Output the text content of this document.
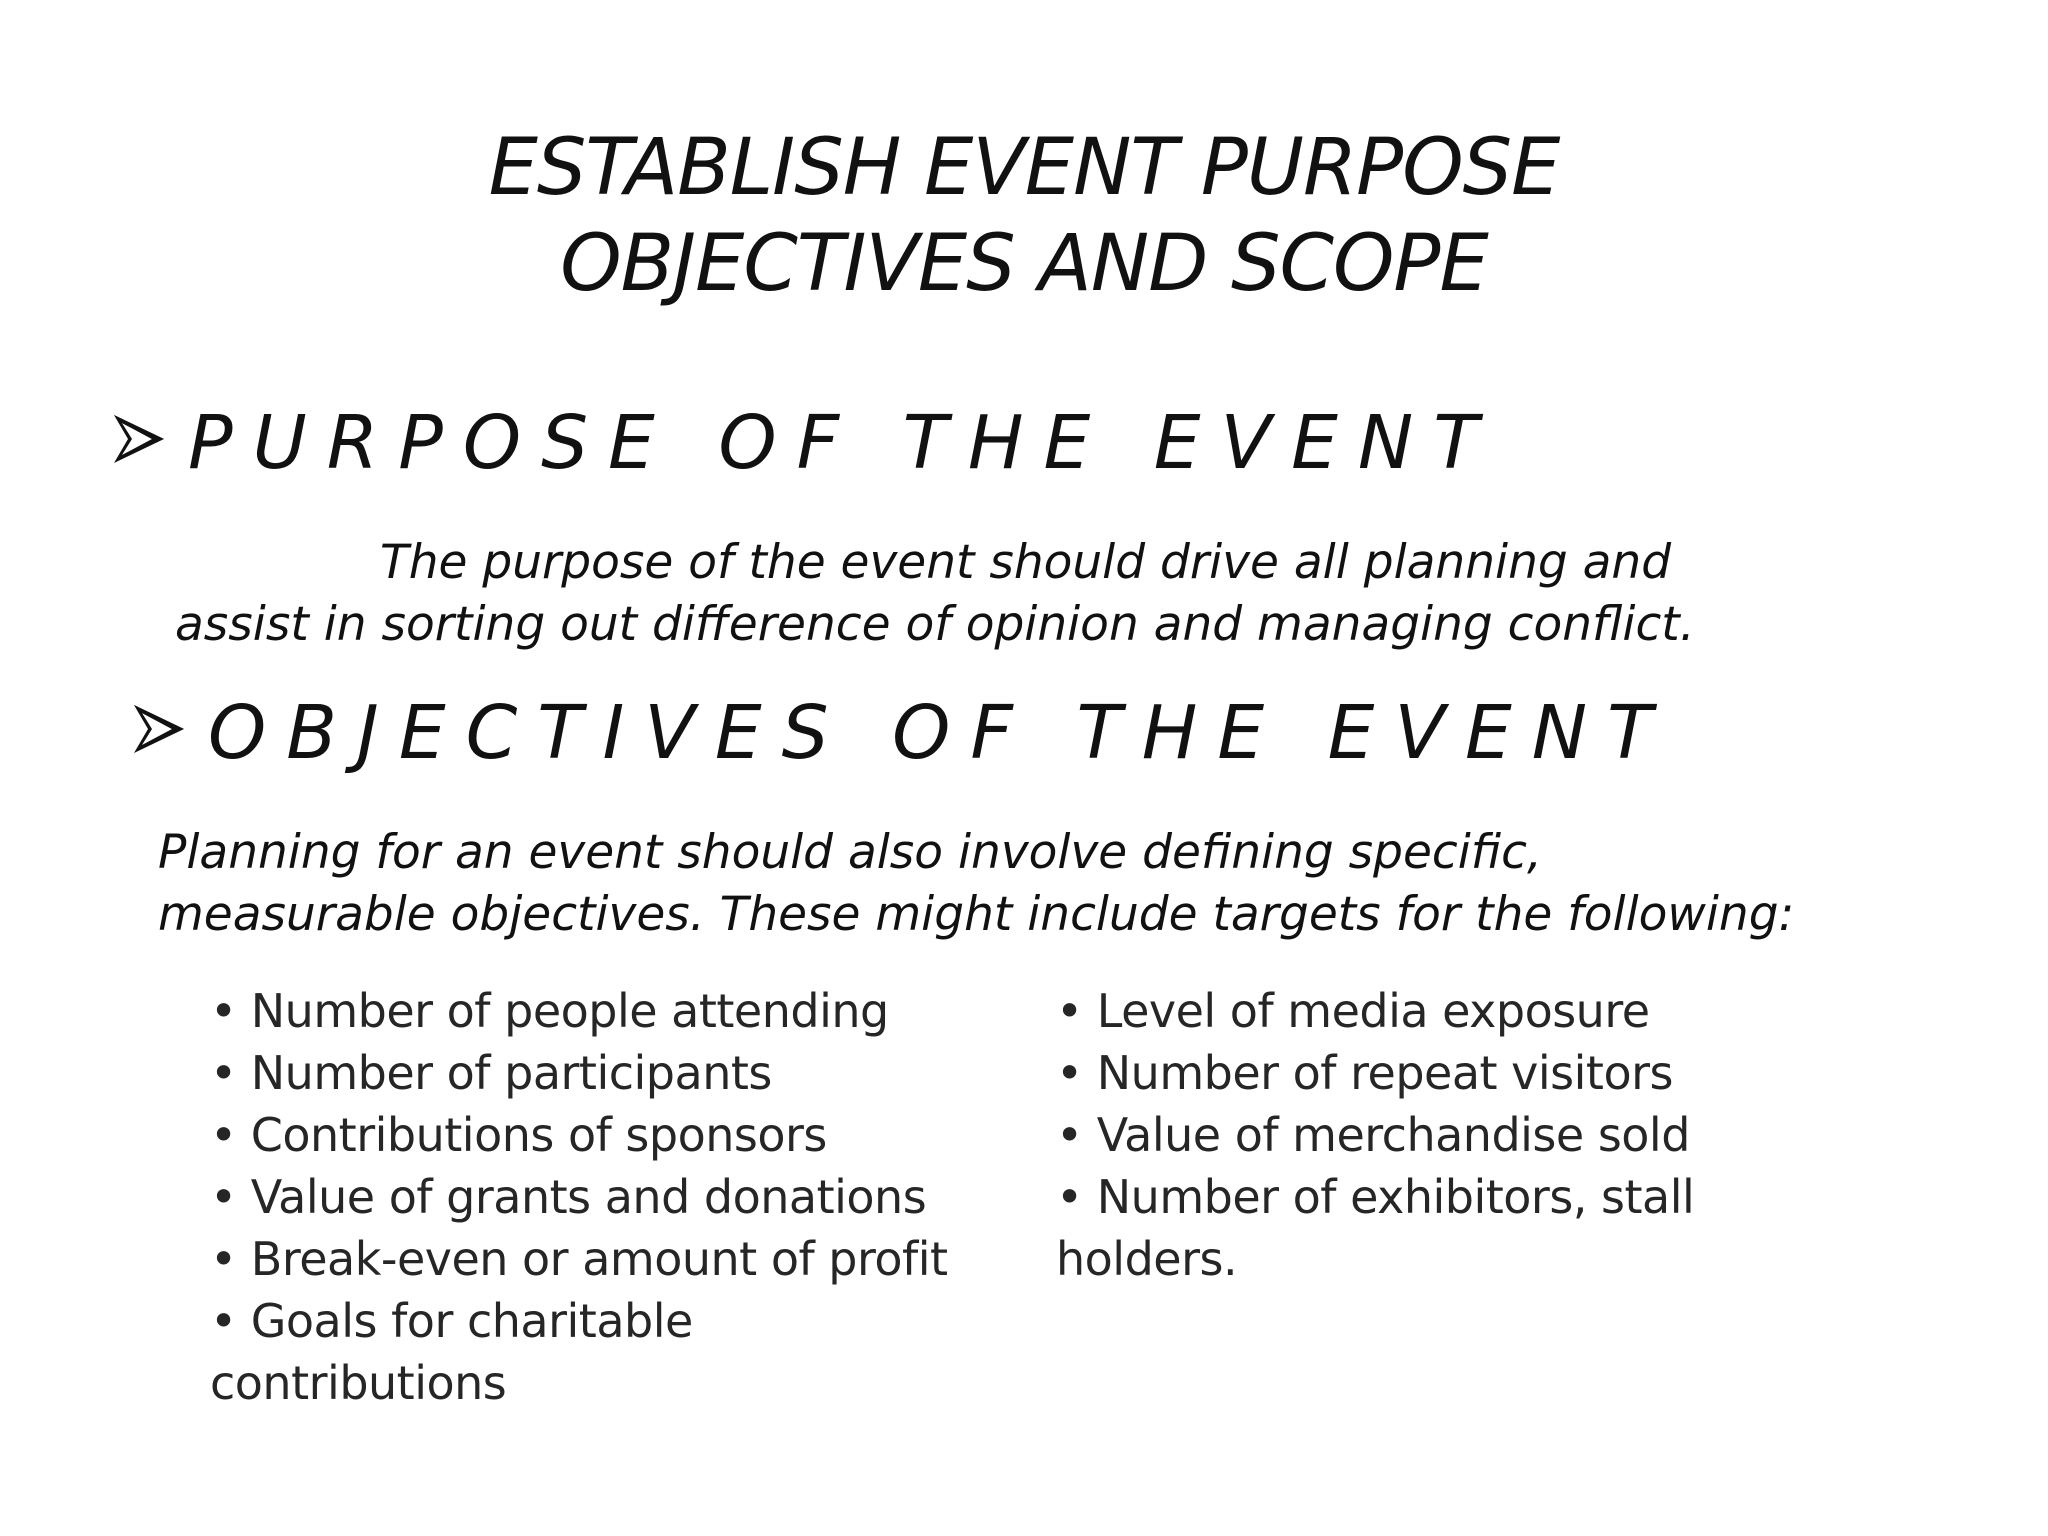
ESTABLISH EVENT PURPOSE
OBJECTIVES AND SCOPE
PURPOSE OF THE EVENT
The purpose of the event should drive all planning and
assist in sorting out difference of opinion and managing conflict.
OBJECTIVES OF THE EVENT
Planning for an event should also involve defining specific,
measurable objectives. These might include targets for the following:
• Number of people attending
• Number of participants
• Contributions of sponsors
• Value of grants and donations
• Break-even or amount of profit
• Goals for charitable
contributions
• Level of media exposure
• Number of repeat visitors
• Value of merchandise sold
• Number of exhibitors, stall
holders.
